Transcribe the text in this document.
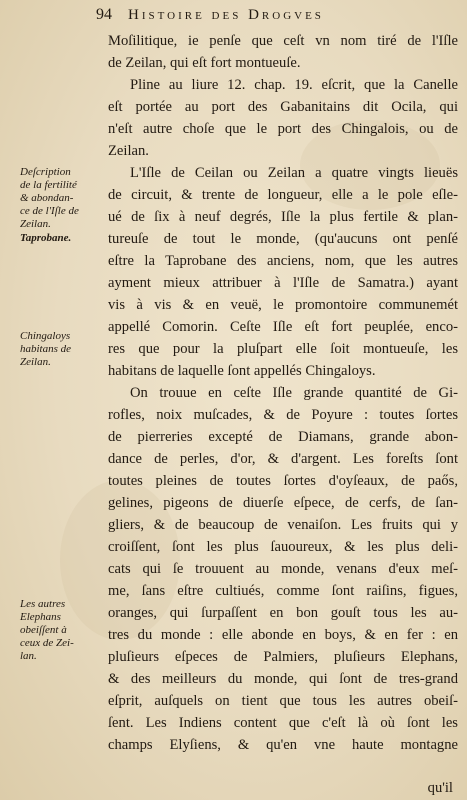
94 Histoire des Drogves
Deſcription
de la fertilité
& abondan-
ce de l'Iſle de
Zeilan.
Taprobane.
Chingaloys
habitans de
Zeilan.
Les autres
Elephans
obeiſſent à
ceux de Zei-
lan.
Moſilitique, ie penſe que ceſt vn nom tiré de l'Iſle
de Zeilan, qui eſt fort montueuſe.
Pline au liure 12. chap. 19. eſcrit, que la Canelle
eſt portée au port des Gabanitains dit Ocila, qui
n'eſt autre choſe que le port des Chingalois, ou de
Zeilan.
L'Iſle de Ceilan ou Zeilan a quatre vingts lieuës
de circuit, & trente de longueur, elle a le pole eſle-
ué de ſix à neuf degrés, Iſle la plus fertile & plan-
tureuſe de tout le monde, (qu'aucuns ont penſé
eſtre la Taprobane des anciens, nom, que les autres
ayment mieux attribuer à l'Iſle de Samatra.) ayant
vis à vis & en veuë, le promontoire communemét
appellé Comorin. Ceſte Iſle eſt fort peuplée, enco-
res que pour la pluſpart elle ſoit montueuſe, les
habitans de laquelle ſont appellés Chingaloys.
On trouue en ceſte Iſle grande quantité de Gi-
rofles, noix muſcades, & de Poyure : toutes ſortes
de pierreries excepté de Diamans, grande abon-
dance de perles, d'or, & d'argent. Les foreſts ſont
toutes pleines de toutes ſortes d'oyſeaux, de paős,
gelines, pigeons de diuerſe eſpece, de cerfs, de ſan-
gliers, & de beaucoup de venaiſon. Les fruits qui y
croiſſent, ſont les plus ſauoureux, & les plus deli-
cats qui ſe trouuent au monde, venans d'eux meſ-
me, ſans eſtre cultiués, comme ſont raiſins, figues,
oranges, qui ſurpaſſent en bon gouſt tous les au-
tres du monde : elle abonde en boys, & en fer : en
pluſieurs eſpeces de Palmiers, pluſieurs Elephans,
& des meilleurs du monde, qui ſont de tres-grand
eſprit, auſquels on tient que tous les autres obeiſ-
ſent. Les Indiens content que c'eſt là où ſont les
champs Elyſiens, & qu'en vne haute montagne
qu'il
